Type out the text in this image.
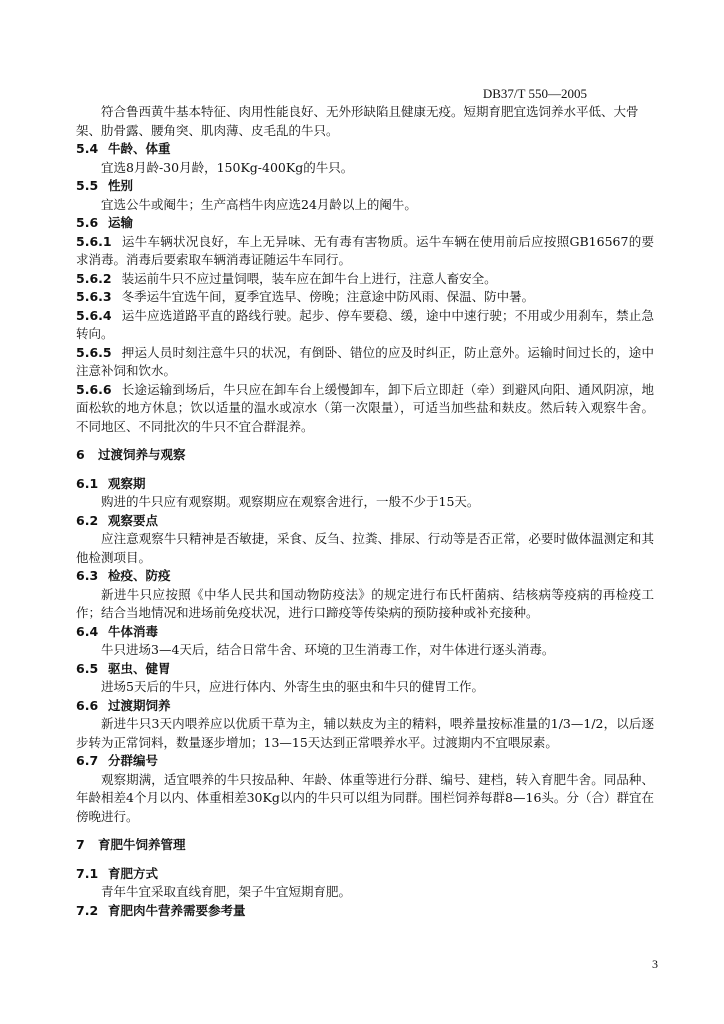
DB37/T 550—2005
符合鲁西黄牛基本特征、肉用性能良好、无外形缺陷且健康无疫。短期育肥宜选饲养水平低、大骨
架、肋骨露、腰角突、肌肉薄、皮毛乱的牛只。
5.4 牛龄、体重
宜选8月龄-30月龄，150Kg-400Kg的牛只。
5.5 性别
宜选公牛或阉牛；生产高档牛肉应选24月龄以上的阉牛。
5.6 运输
5.6.1 运牛车辆状况良好，车上无异味、无有毒有害物质。运牛车辆在使用前后应按照GB16567的要求消毒。消毒后要索取车辆消毒证随运牛车同行。
5.6.2 装运前牛只不应过量饲喂，装车应在卸牛台上进行，注意人畜安全。
5.6.3 冬季运牛宜选午间，夏季宜选早、傍晚；注意途中防风雨、保温、防中暑。
5.6.4 运牛应选道路平直的路线行驶。起步、停车要稳、缓，途中中速行驶；不用或少用刹车，禁止急转向。
5.6.5 押运人员时刻注意牛只的状况，有倒卧、错位的应及时纠正，防止意外。运输时间过长的，途中注意补饲和饮水。
5.6.6 长途运输到场后，牛只应在卸车台上缓慢卸车，卸下后立即赶（牵）到避风向阳、通风阴凉，地面松软的地方休息；饮以适量的温水或凉水（第一次限量），可适当加些盐和麸皮。然后转入观察牛舍。不同地区、不同批次的牛只不宜合群混养。
6 过渡饲养与观察
6.1 观察期
购进的牛只应有观察期。观察期应在观察舍进行，一般不少于15天。
6.2 观察要点
应注意观察牛只精神是否敏捷，采食、反刍、拉粪、排尿、行动等是否正常，必要时做体温测定和其他检测项目。
6.3 检疫、防疫
新进牛只应按照《中华人民共和国动物防疫法》的规定进行布氏杆菌病、结核病等疫病的再检疫工作；结合当地情况和进场前免疫状况，进行口蹄疫等传染病的预防接种或补充接种。
6.4 牛体消毒
牛只进场3—4天后，结合日常牛舍、环境的卫生消毒工作，对牛体进行逐头消毒。
6.5 驱虫、健胃
进场5天后的牛只，应进行体内、外寄生虫的驱虫和牛只的健胃工作。
6.6 过渡期饲养
新进牛只3天内喂养应以优质干草为主，辅以麸皮为主的精料，喂养量按标准量的1/3—1/2，以后逐步转为正常饲料，数量逐步增加；13—15天达到正常喂养水平。过渡期内不宜喂尿素。
6.7 分群编号
观察期满，适宜喂养的牛只按品种、年龄、体重等进行分群、编号、建档，转入育肥牛舍。同品种、年龄相差4个月以内、体重相差30Kg以内的牛只可以组为同群。围栏饲养每群8—16头。分（合）群宜在傍晚进行。
7 育肥牛饲养管理
7.1 育肥方式
青年牛宜采取直线育肥，架子牛宜短期育肥。
7.2 育肥肉牛营养需要参考量
3
